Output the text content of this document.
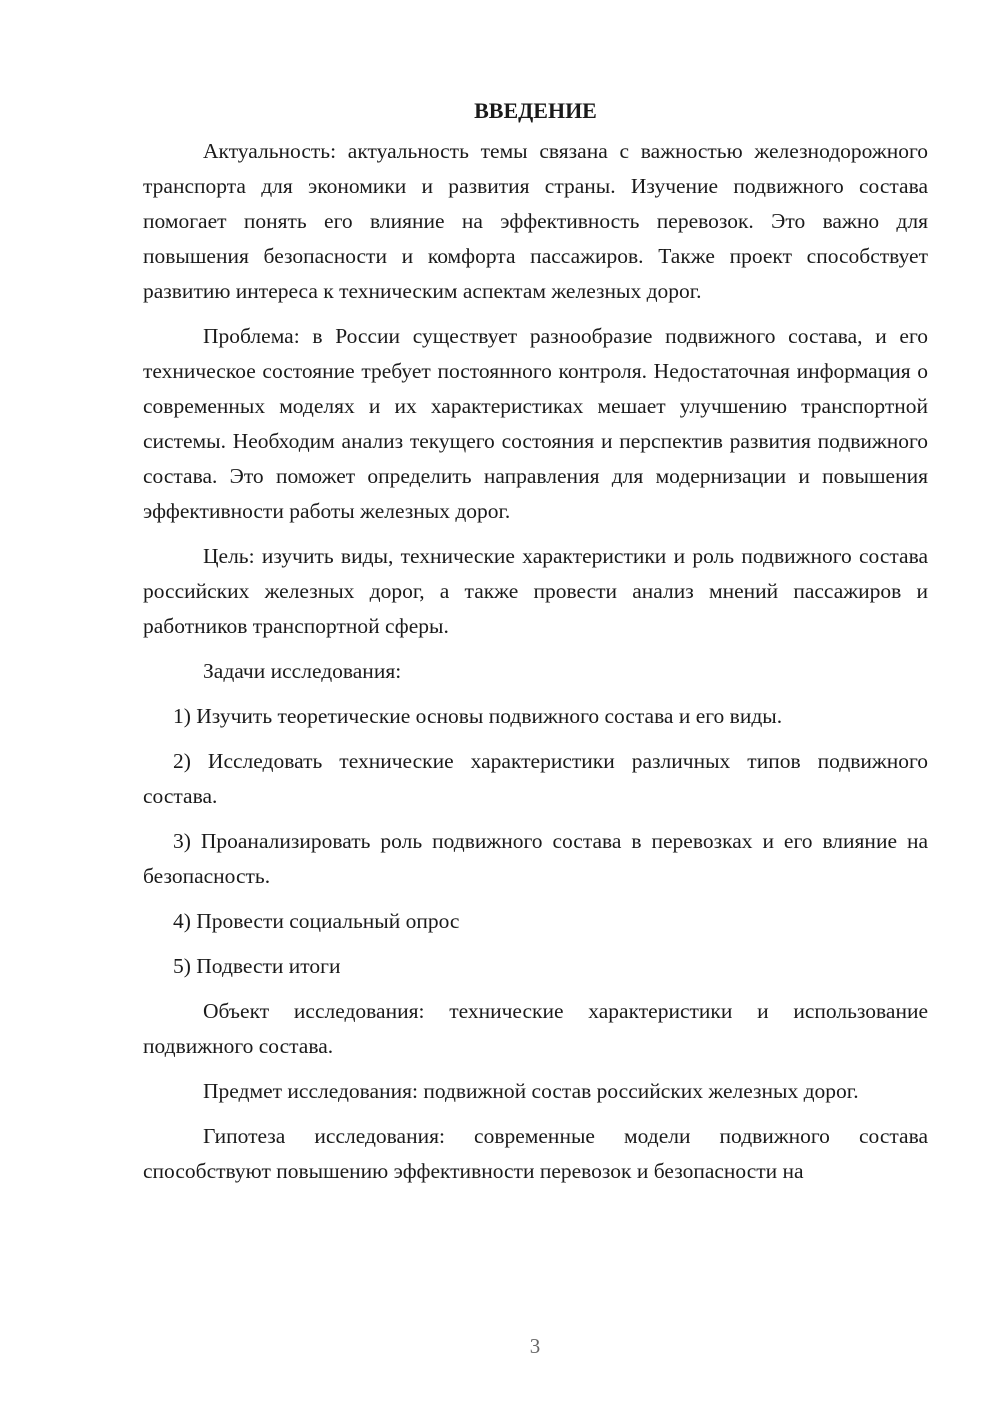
ВВЕДЕНИЕ

Актуальность: актуальность темы связана с важностью железнодорожного транспорта для экономики и развития страны. Изучение подвижного состава помогает понять его влияние на эффективность перевозок. Это важно для повышения безопасности и комфорта пассажиров. Также проект способствует развитию интереса к техническим аспектам железных дорог.

Проблема: в России существует разнообразие подвижного состава, и его техническое состояние требует постоянного контроля. Недостаточная информация о современных моделях и их характеристиках мешает улучшению транспортной системы. Необходим анализ текущего состояния и перспектив развития подвижного состава. Это поможет определить направления для модернизации и повышения эффективности работы железных дорог.

Цель: изучить виды, технические характеристики и роль подвижного состава российских железных дорог, а также провести анализ мнений пассажиров и работников транспортной сферы.

Задачи исследования:

1) Изучить теоретические основы подвижного состава и его виды.

2) Исследовать технические характеристики различных типов подвижного состава.

3) Проанализировать роль подвижного состава в перевозках и его влияние на безопасность.

4) Провести социальный опрос

5) Подвести итоги

Объект исследования: технические характеристики и использование подвижного состава.

Предмет исследования: подвижной состав российских железных дорог.

Гипотеза исследования: современные модели подвижного состава способствуют повышению эффективности перевозок и безопасности на

3
